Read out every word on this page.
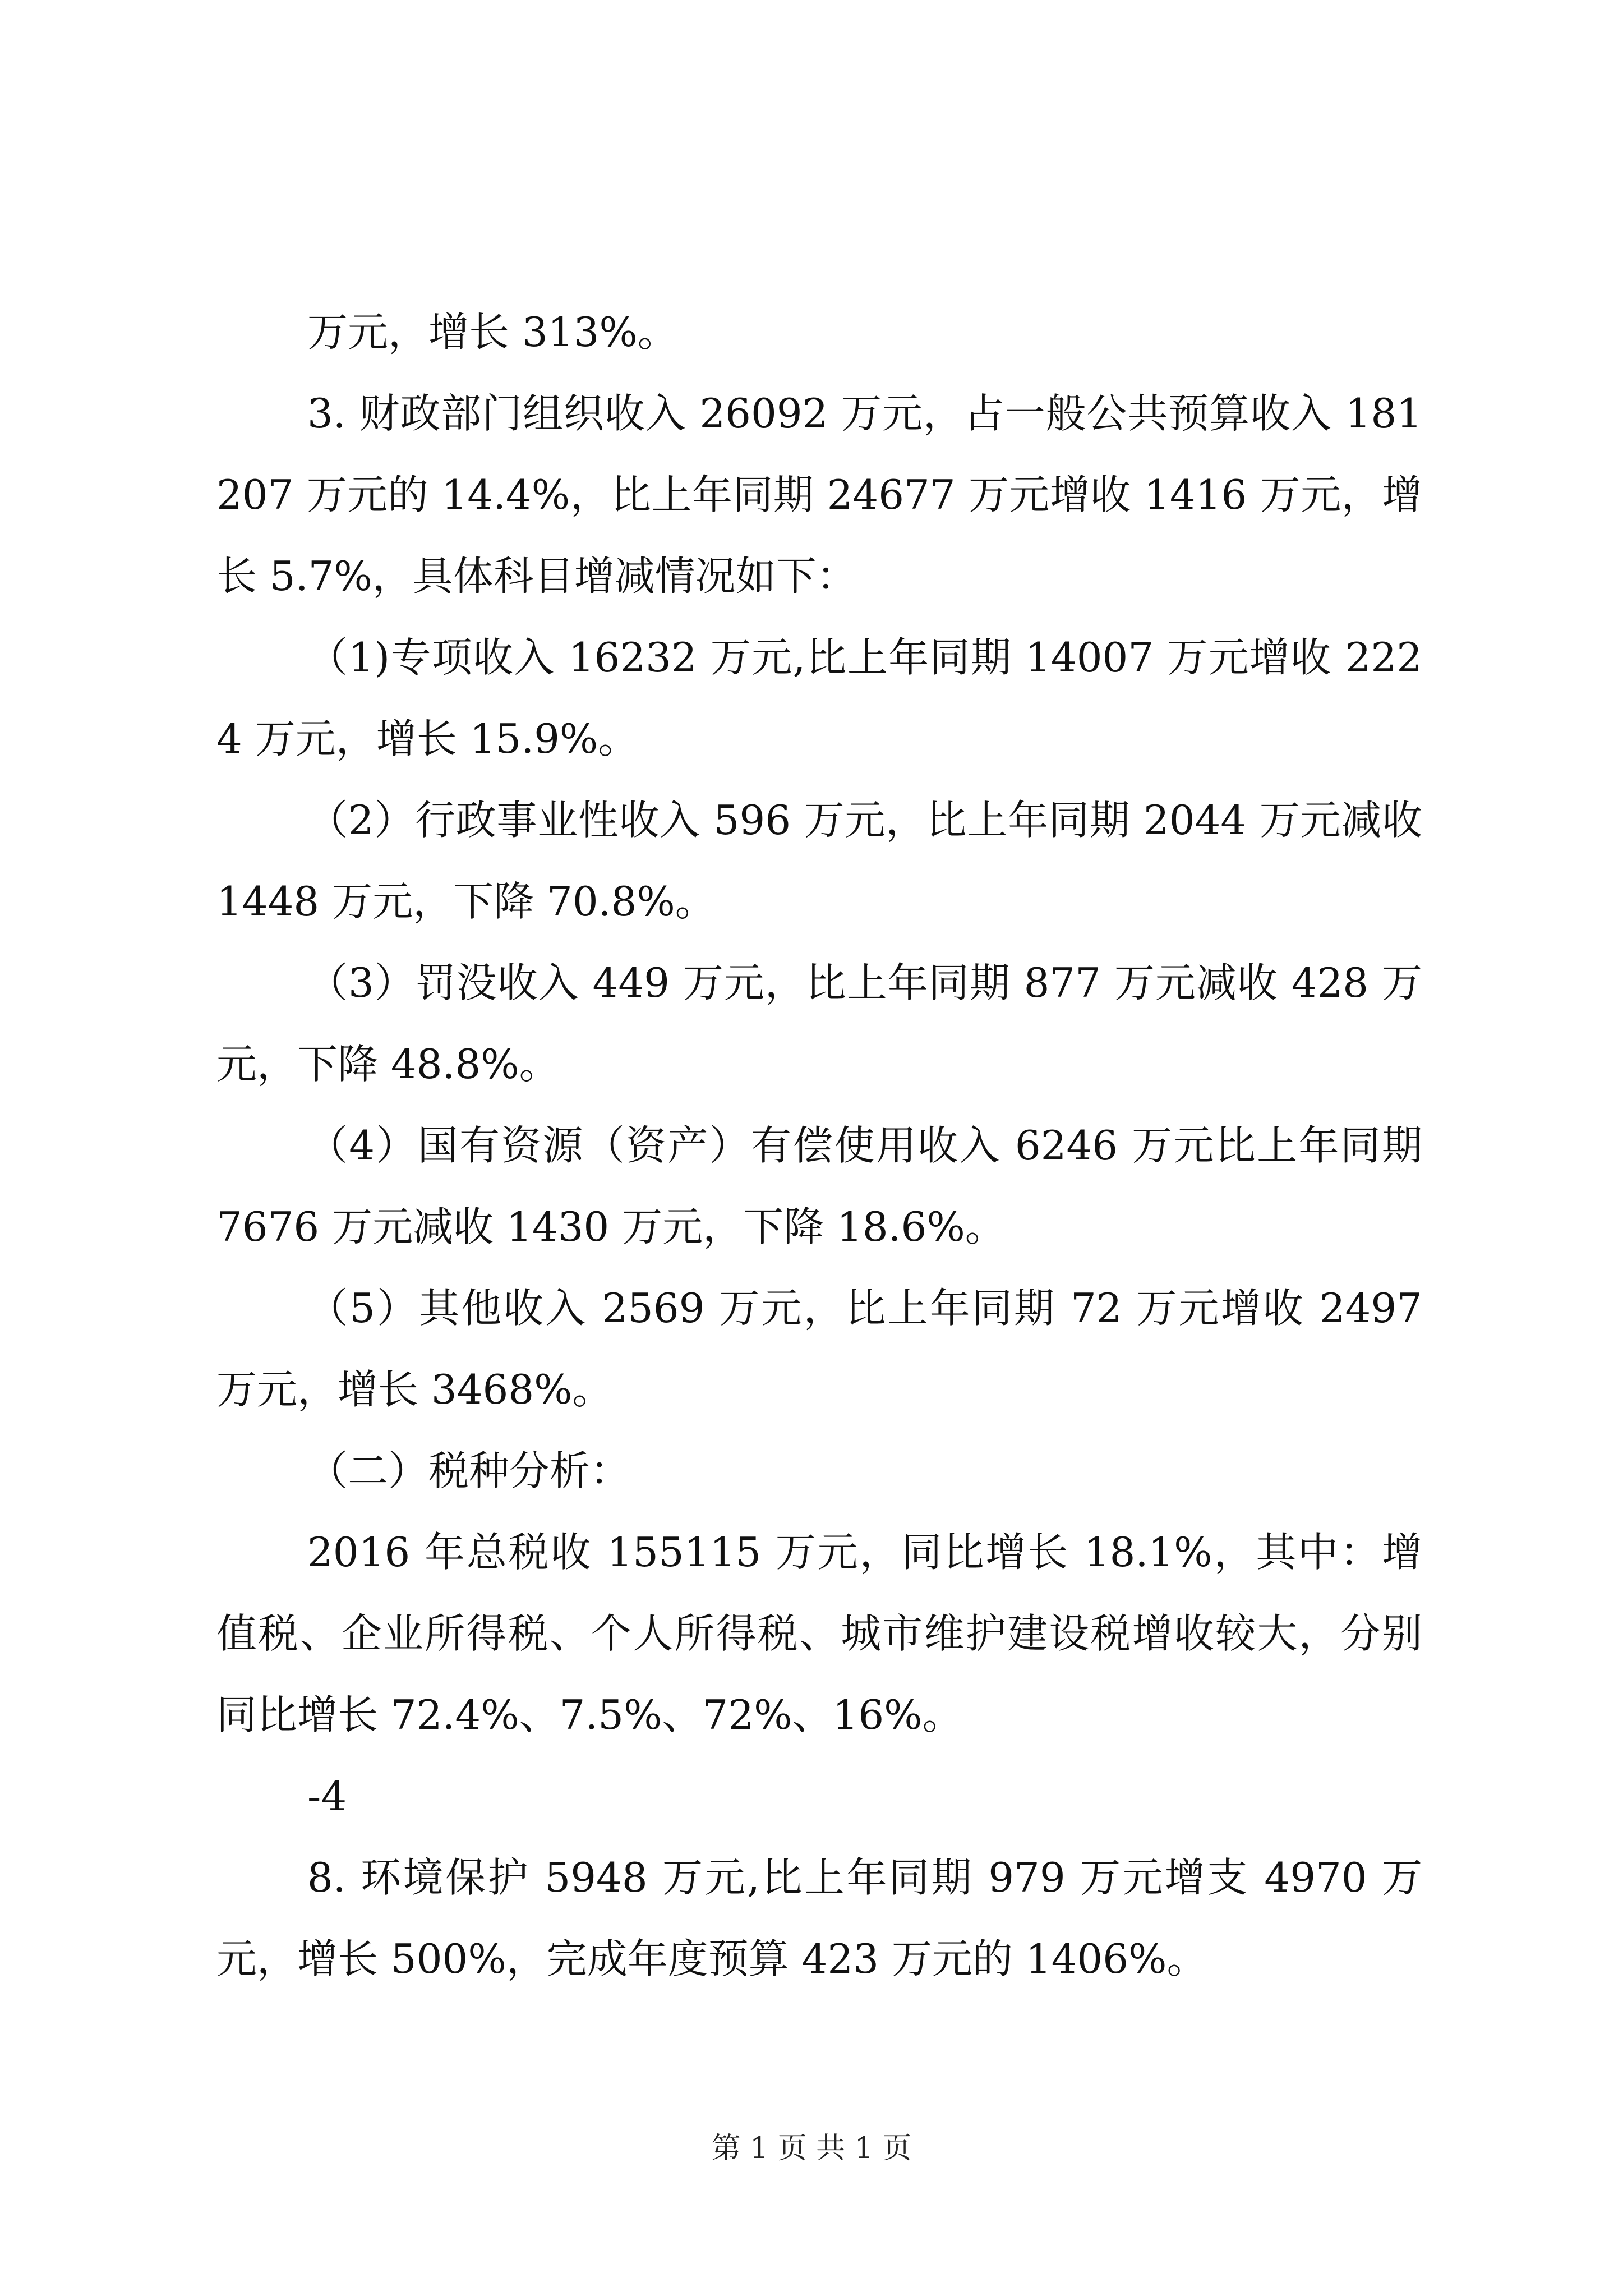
万元，增长 313%。

3. 财政部门组织收入 26092 万元，占一般公共预算收入 181207 万元的 14.4%，比上年同期 24677 万元增收 1416 万元，增长 5.7%，具体科目增减情况如下：

（1)专项收入 16232 万元,比上年同期 14007 万元增收 2224 万元，增长 15.9%。

（2）行政事业性收入 596 万元，比上年同期 2044 万元减收 1448 万元，下降 70.8%。

（3）罚没收入 449 万元，比上年同期 877 万元减收 428 万元，下降 48.8%。

（4）国有资源（资产）有偿使用收入 6246 万元比上年同期 7676 万元减收 1430 万元，下降 18.6%。

（5）其他收入 2569 万元，比上年同期 72 万元增收 2497 万元，增长 3468%。

（二）税种分析：

2016 年总税收 155115 万元，同比增长 18.1%，其中：增值税、企业所得税、个人所得税、城市维护建设税增收较大，分别同比增长 72.4%、7.5%、72%、16%。

-4

8. 环境保护 5948 万元,比上年同期 979 万元增支 4970 万元，增长 500%，完成年度预算 423 万元的 1406%。

第 1 页 共 1 页
